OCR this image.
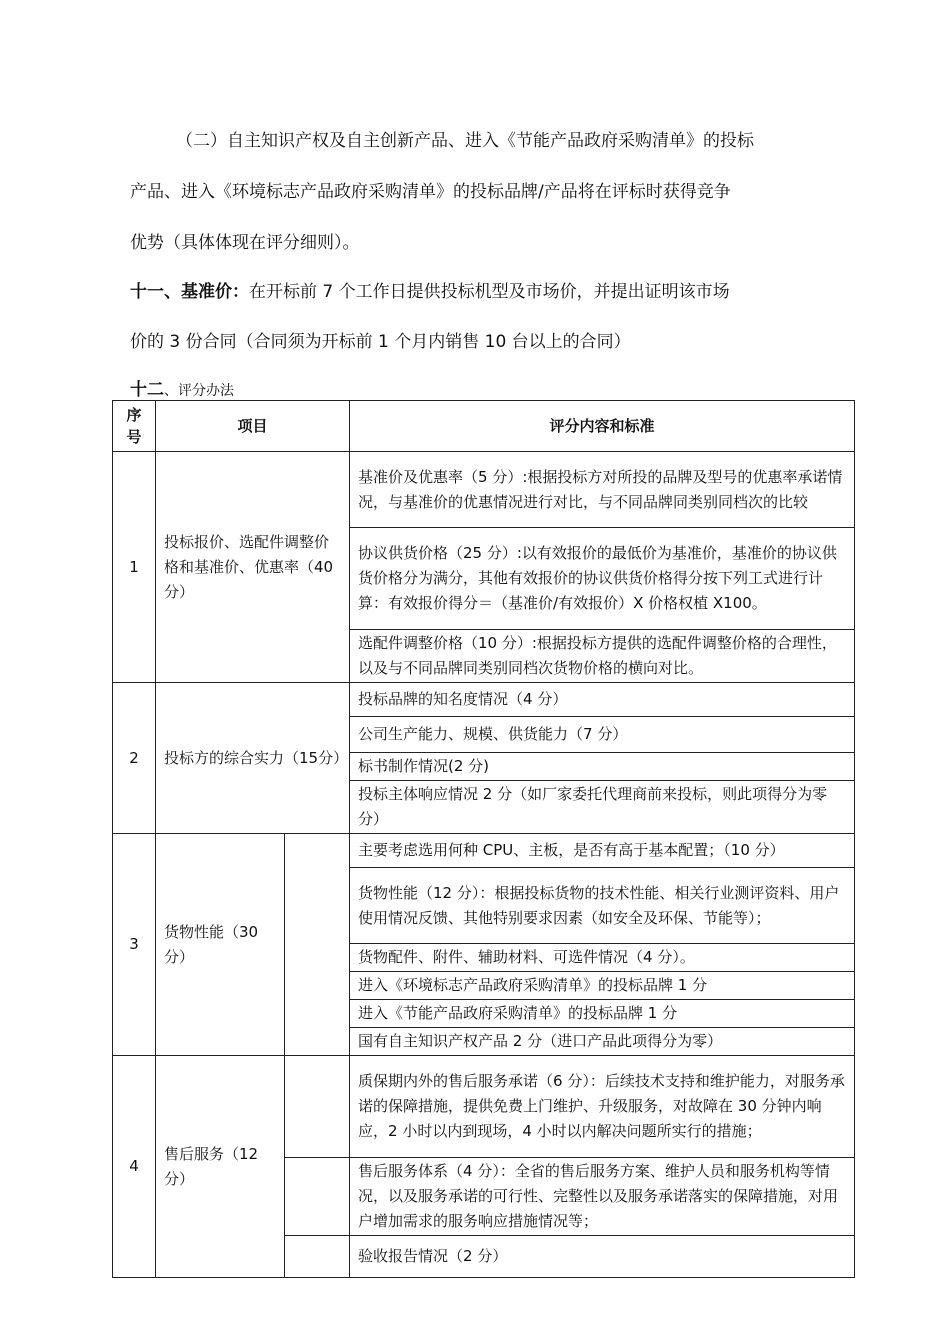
（二）自主知识产权及自主创新产品、进入《节能产品政府采购清单》的投标
产品、进入《环境标志产品政府采购清单》的投标品牌/产品将在评标时获得竞争
优势（具体体现在评分细则）。
十一、基准价：在开标前 7 个工作日提供投标机型及市场价，并提出证明该市场
价的 3 份合同（合同须为开标前 1 个月内销售 10 台以上的合同）
十二、评分办法
序号	项目		评分内容和标准
1	投标报价、选配件调整价格和基准价、优惠率（40分）		基准价及优惠率（5 分）:根据投标方对所投的品牌及型号的优惠率承诺情况，与基准价的优惠情况进行对比，与不同品牌同类别同档次的比较
			协议供货价格（25 分）:以有效报价的最低价为基准价，基准价的协议供货价格分为满分，其他有效报价的协议供货价格得分按下列工式进行计算：有效报价得分＝（基准价/有效报价）X 价格权植 X100。
			选配件调整价格（10 分）:根据投标方提供的选配件调整价格的合理性，以及与不同品牌同类别同档次货物价格的横向对比。
2	投标方的综合实力（15分）		投标品牌的知名度情况（4 分）
			公司生产能力、规模、供货能力（7 分）
			标书制作情况(2 分)
			投标主体响应情况 2 分（如厂家委托代理商前来投标，则此项得分为零分）
3	货物性能（30分）		主要考虑选用何种 CPU、主板，是否有高于基本配置；（10 分）
			货物性能（12 分）：根据投标货物的技术性能、相关行业测评资料、用户使用情况反馈、其他特别要求因素（如安全及环保、节能等）；
			货物配件、附件、辅助材料、可选件情况（4 分）。
			进入《环境标志产品政府采购清单》的投标品牌 1 分
			进入《节能产品政府采购清单》的投标品牌 1 分
			国有自主知识产权产品 2 分（进口产品此项得分为零）
4	售后服务（12分）		质保期内外的售后服务承诺（6 分）：后续技术支持和维护能力，对服务承诺的保障措施，提供免费上门维护、升级服务，对故障在 30 分钟内响应，2 小时以内到现场，4 小时以内解决问题所实行的措施；
			售后服务体系（4 分）：全省的售后服务方案、维护人员和服务机构等情况，以及服务承诺的可行性、完整性以及服务承诺落实的保障措施，对用户增加需求的服务响应措施情况等；
			验收报告情况（2 分）
